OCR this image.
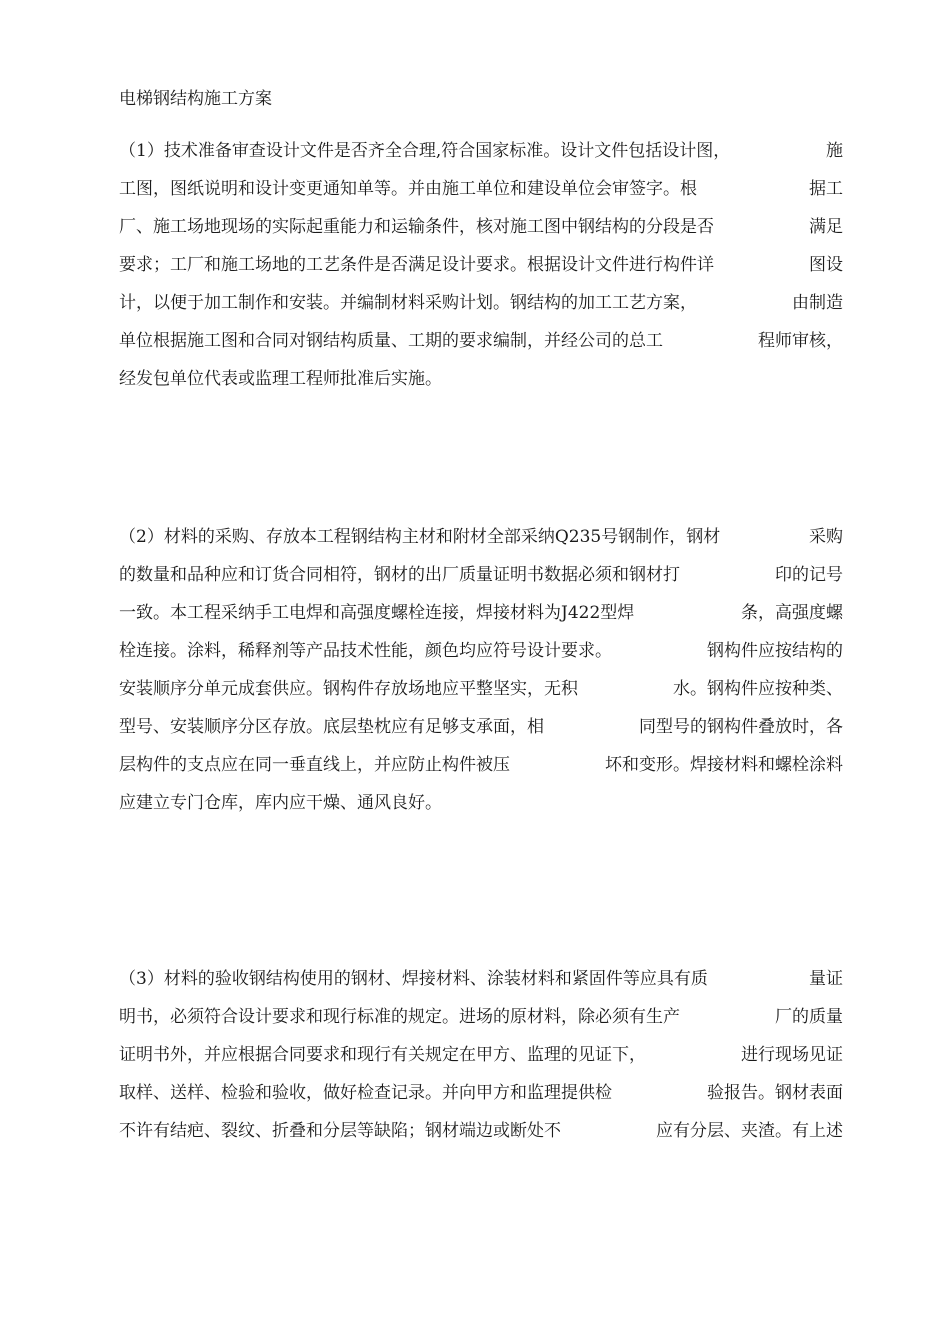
电梯钢结构施工方案
（1）技术准备审查设计文件是否齐全合理,符合国家标准。设计文件包括设计图，	施
工图，图纸说明和设计变更通知单等。并由施工单位和建设单位会审签字。根	据工
厂、施工场地现场的实际起重能力和运输条件，核对施工图中钢结构的分段是否	满足
要求；工厂和施工场地的工艺条件是否满足设计要求。根据设计文件进行构件详	图设
计，以便于加工制作和安装。并编制材料采购计划。钢结构的加工工艺方案，	由制造
单位根据施工图和合同对钢结构质量、工期的要求编制，并经公司的总工	程师审核，
经发包单位代表或监理工程师批准后实施。
（2）材料的采购、存放本工程钢结构主材和附材全部采纳Q235号钢制作，钢材	采购
的数量和品种应和订货合同相符，钢材的出厂质量证明书数据必须和钢材打	印的记号
一致。本工程采纳手工电焊和高强度螺栓连接，焊接材料为J422型焊	条，高强度螺
栓连接。涂料，稀释剂等产品技术性能，颜色均应符号设计要求。	钢构件应按结构的
安装顺序分单元成套供应。钢构件存放场地应平整坚实，无积	水。钢构件应按种类、
型号、安装顺序分区存放。底层垫枕应有足够支承面，相	同型号的钢构件叠放时，各
层构件的支点应在同一垂直线上，并应防止构件被压	坏和变形。焊接材料和螺栓涂料
应建立专门仓库，库内应干燥、通风良好。
（3）材料的验收钢结构使用的钢材、焊接材料、涂装材料和紧固件等应具有质	量证
明书，必须符合设计要求和现行标准的规定。进场的原材料，除必须有生产	厂的质量
证明书外，并应根据合同要求和现行有关规定在甲方、监理的见证下，	进行现场见证
取样、送样、检验和验收，做好检查记录。并向甲方和监理提供检	验报告。钢材表面
不许有结疤、裂纹、折叠和分层等缺陷；钢材端边或断处不	应有分层、夹渣。有上述
